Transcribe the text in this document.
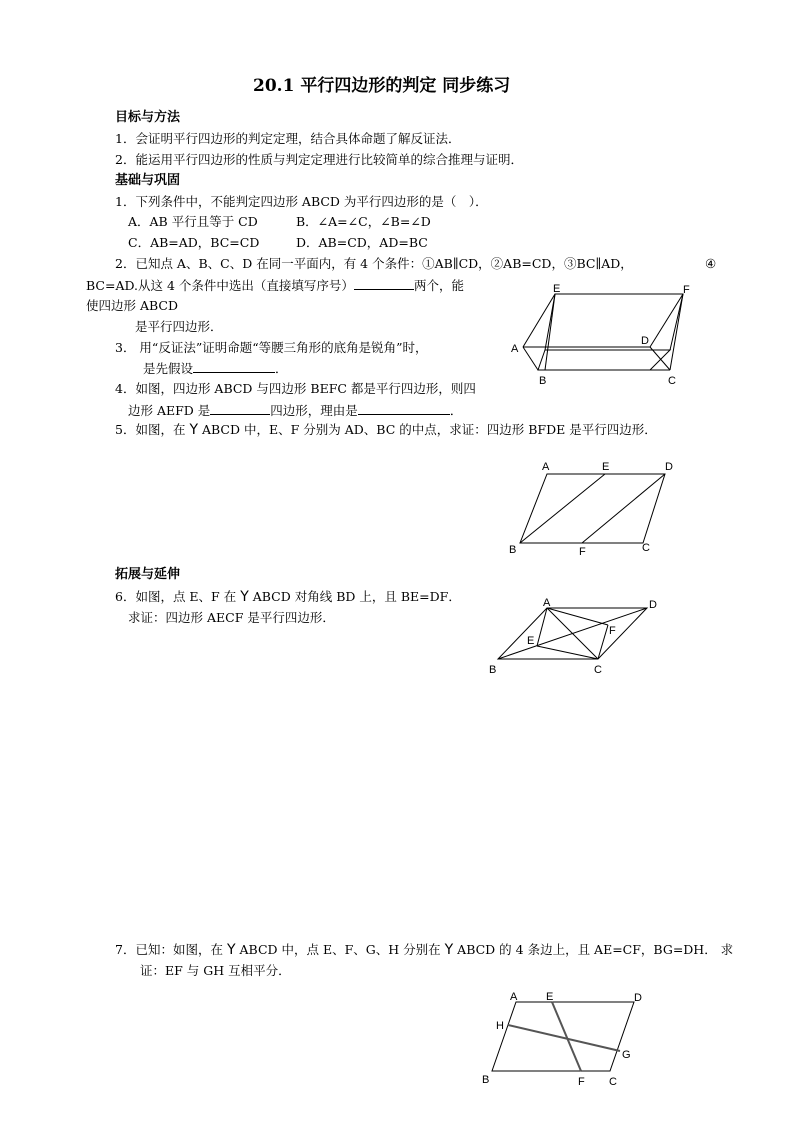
20.1 平行四边形的判定 同步练习
目标与方法
1．会证明平行四边形的判定定理，结合具体命题了解反证法．
2．能运用平行四边形的性质与判定定理进行比较简单的综合推理与证明．
基础与巩固
1．下列条件中，不能判定四边形 ABCD 为平行四边形的是（　）．
A．AB 平行且等于 CD	B．∠A=∠C，∠B=∠D
C．AB=AD，BC=CD	D．AB=CD，AD=BC
2．已知点 A、B、C、D 在同一平面内，有 4 个条件：①AB∥CD，②AB=CD，③BC∥AD，	④
BC=AD.从这 4 个条件中选出（直接填写序号）	两个，能
使四边形 ABCD
是平行四边形．
3． 用“反证法”证明命题“等腰三角形的底角是锐角”时，
是先假设	．
4．如图，四边形 ABCD 与四边形 BEFC 都是平行四边形，则四
边形 AEFD 是	四边形，理由是	．
5．如图，在 Y ABCD 中，E、F 分别为 AD、BC 的中点，求证：四边形 BFDE 是平行四边形．
拓展与延伸
6．如图，点 E、F 在 Y ABCD 对角线 BD 上，且 BE=DF．
求证：四边形 AECF 是平行四边形．
7．已知：如图，在 Y ABCD 中，点 E、F、G、H 分别在 Y ABCD 的 4 条边上，且 AE=CF，BG=DH． 求
证：EF 与 GH 互相平分．
E	F
A
D
B	C
A	E	D
B	F	C
A	D
E
F
B	C
A	E	D
H
G
B	F C
